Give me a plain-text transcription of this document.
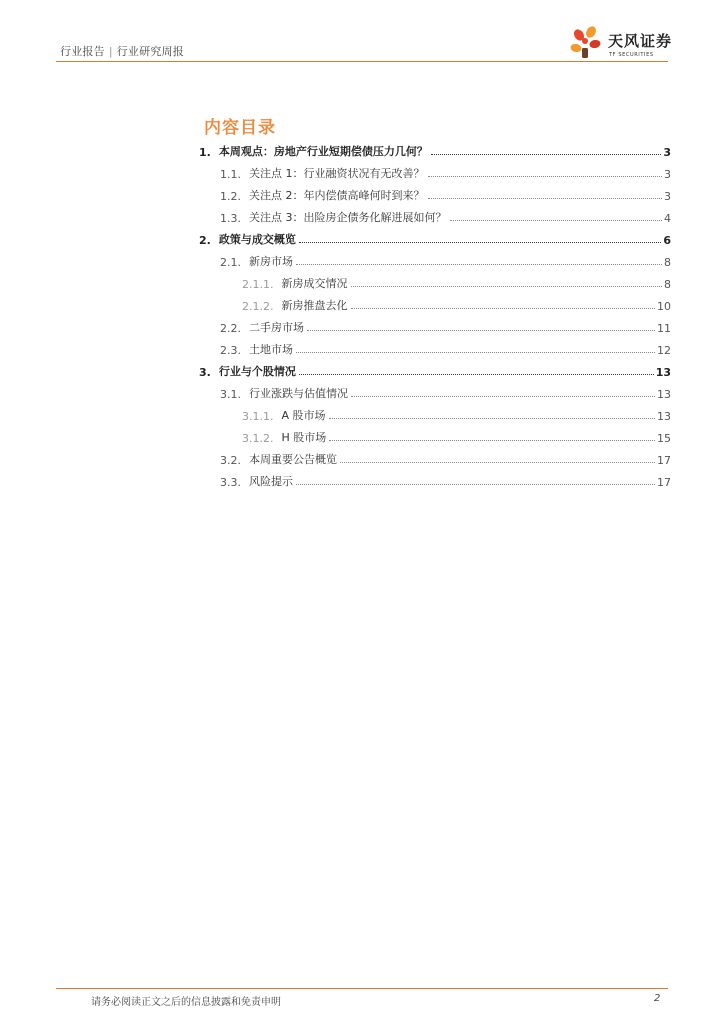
行业报告 | 行业研究周报
天风证券
TF SECURITIES
内容目录
1. 本周观点：房地产行业短期偿债压力几何？	3
1.1. 关注点 1：行业融资状况有无改善？	3
1.2. 关注点 2：年内偿债高峰何时到来？	3
1.3. 关注点 3：出险房企债务化解进展如何？	4
2. 政策与成交概览	6
2.1. 新房市场	8
2.1.1. 新房成交情况	8
2.1.2. 新房推盘去化	10
2.2. 二手房市场	11
2.3. 土地市场	12
3. 行业与个股情况	13
3.1. 行业涨跌与估值情况	13
3.1.1. A 股市场	13
3.1.2. H 股市场	15
3.2. 本周重要公告概览	17
3.3. 风险提示	17
请务必阅读正文之后的信息披露和免责申明	2
